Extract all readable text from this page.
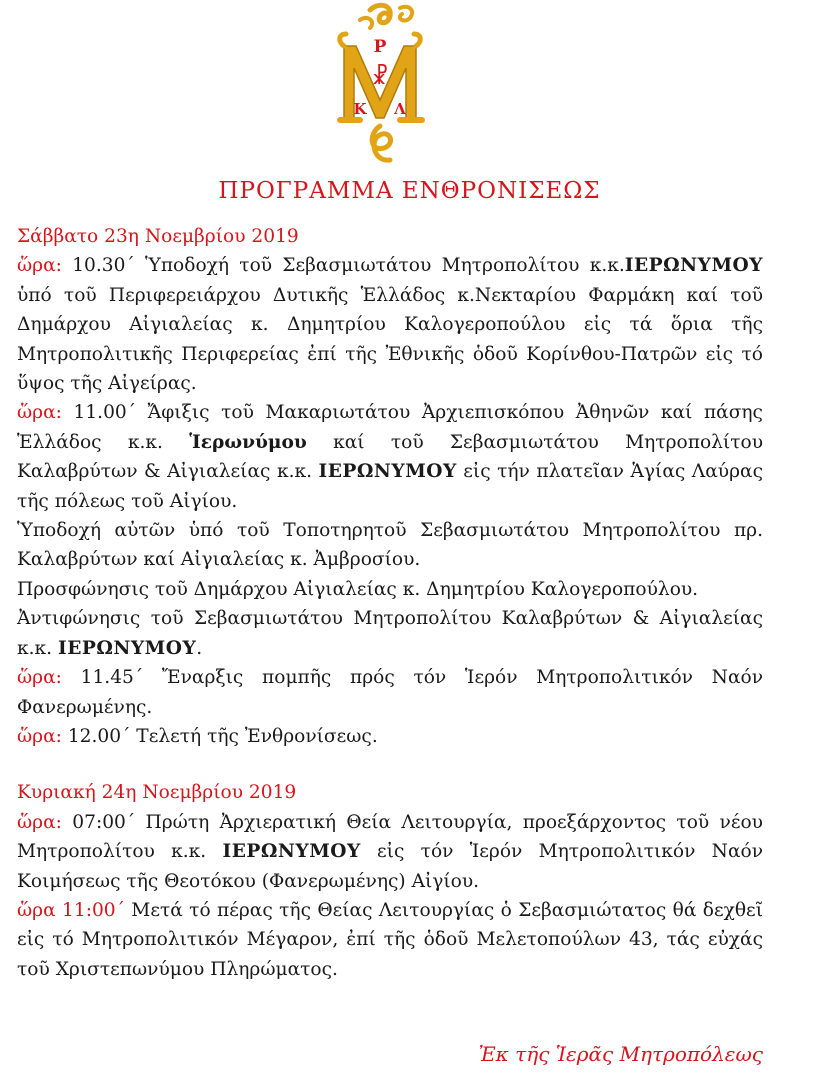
Ρ
☧
Κ Λ
ΠΡΟΓΡΑΜΜΑ ΕΝΘΡΟΝΙΣΕΩΣ
Σάββατο 23η Νοεμβρίου 2019
ὥρα: 10.30΄ Ὑποδοχή τοῦ Σεβασμιωτάτου Μητροπολίτου κ.κ.ΙΕΡΩΝΥΜΟΥ ὑπό τοῦ Περιφερειάρχου Δυτικῆς Ἑλλάδος κ.Νεκταρίου Φαρμάκη καί τοῦ Δημάρχου Αἰγιαλείας κ. Δημητρίου Καλογεροπούλου εἰς τά ὅρια τῆς Μητροπολιτικῆς Περιφερείας ἐπί τῆς Ἐθνικῆς ὁδοῦ Κορίνθου-Πατρῶν εἰς τό ὕψος τῆς Αἰγείρας.
ὥρα: 11.00΄ Ἄφιξις τοῦ Μακαριωτάτου Ἀρχιεπισκόπου Ἀθηνῶν καί πάσης Ἑλλάδος κ.κ. Ἱερωνύμου καί τοῦ Σεβασμιωτάτου Μητροπολίτου Καλαβρύτων & Αἰγιαλείας κ.κ. ΙΕΡΩΝΥΜΟΥ εἰς τήν πλατεῖαν Ἁγίας Λαύρας τῆς πόλεως τοῦ Αἰγίου.
Ὑποδοχή αὐτῶν ὑπό τοῦ Τοποτηρητοῦ Σεβασμιωτάτου Μητροπολίτου πρ. Καλαβρύτων καί Αἰγιαλείας κ. Ἀμβροσίου.
Προσφώνησις τοῦ Δημάρχου Αἰγιαλείας κ. Δημητρίου Καλογεροπούλου.
Ἀντιφώνησις τοῦ Σεβασμιωτάτου Μητροπολίτου Καλαβρύτων & Αἰγιαλείας κ.κ. ΙΕΡΩΝΥΜΟΥ.
ὥρα: 11.45΄ Ἔναρξις πομπῆς πρός τόν Ἱερόν Μητροπολιτικόν Ναόν Φανερωμένης.
ὥρα: 12.00΄ Τελετή τῆς Ἐνθρονίσεως.
Κυριακή 24η Νοεμβρίου 2019
ὥρα: 07:00΄ Πρώτη Ἀρχιερατική Θεία Λειτουργία, προεξάρχοντος τοῦ νέου Μητροπολίτου κ.κ. ΙΕΡΩΝΥΜΟΥ εἰς τόν Ἱερόν Μητροπολιτικόν Ναόν Κοιμήσεως τῆς Θεοτόκου (Φανερωμένης) Αἰγίου.
ὥρα 11:00΄ Μετά τό πέρας τῆς Θείας Λειτουργίας ὁ Σεβασμιώτατος θά δεχθεῖ εἰς τό Μητροπολιτικόν Μέγαρον, ἐπί τῆς ὁδοῦ Μελετοπούλων 43, τάς εὐχάς τοῦ Χριστεπωνύμου Πληρώματος.
Ἐκ τῆς Ἱερᾶς Μητροπόλεως
